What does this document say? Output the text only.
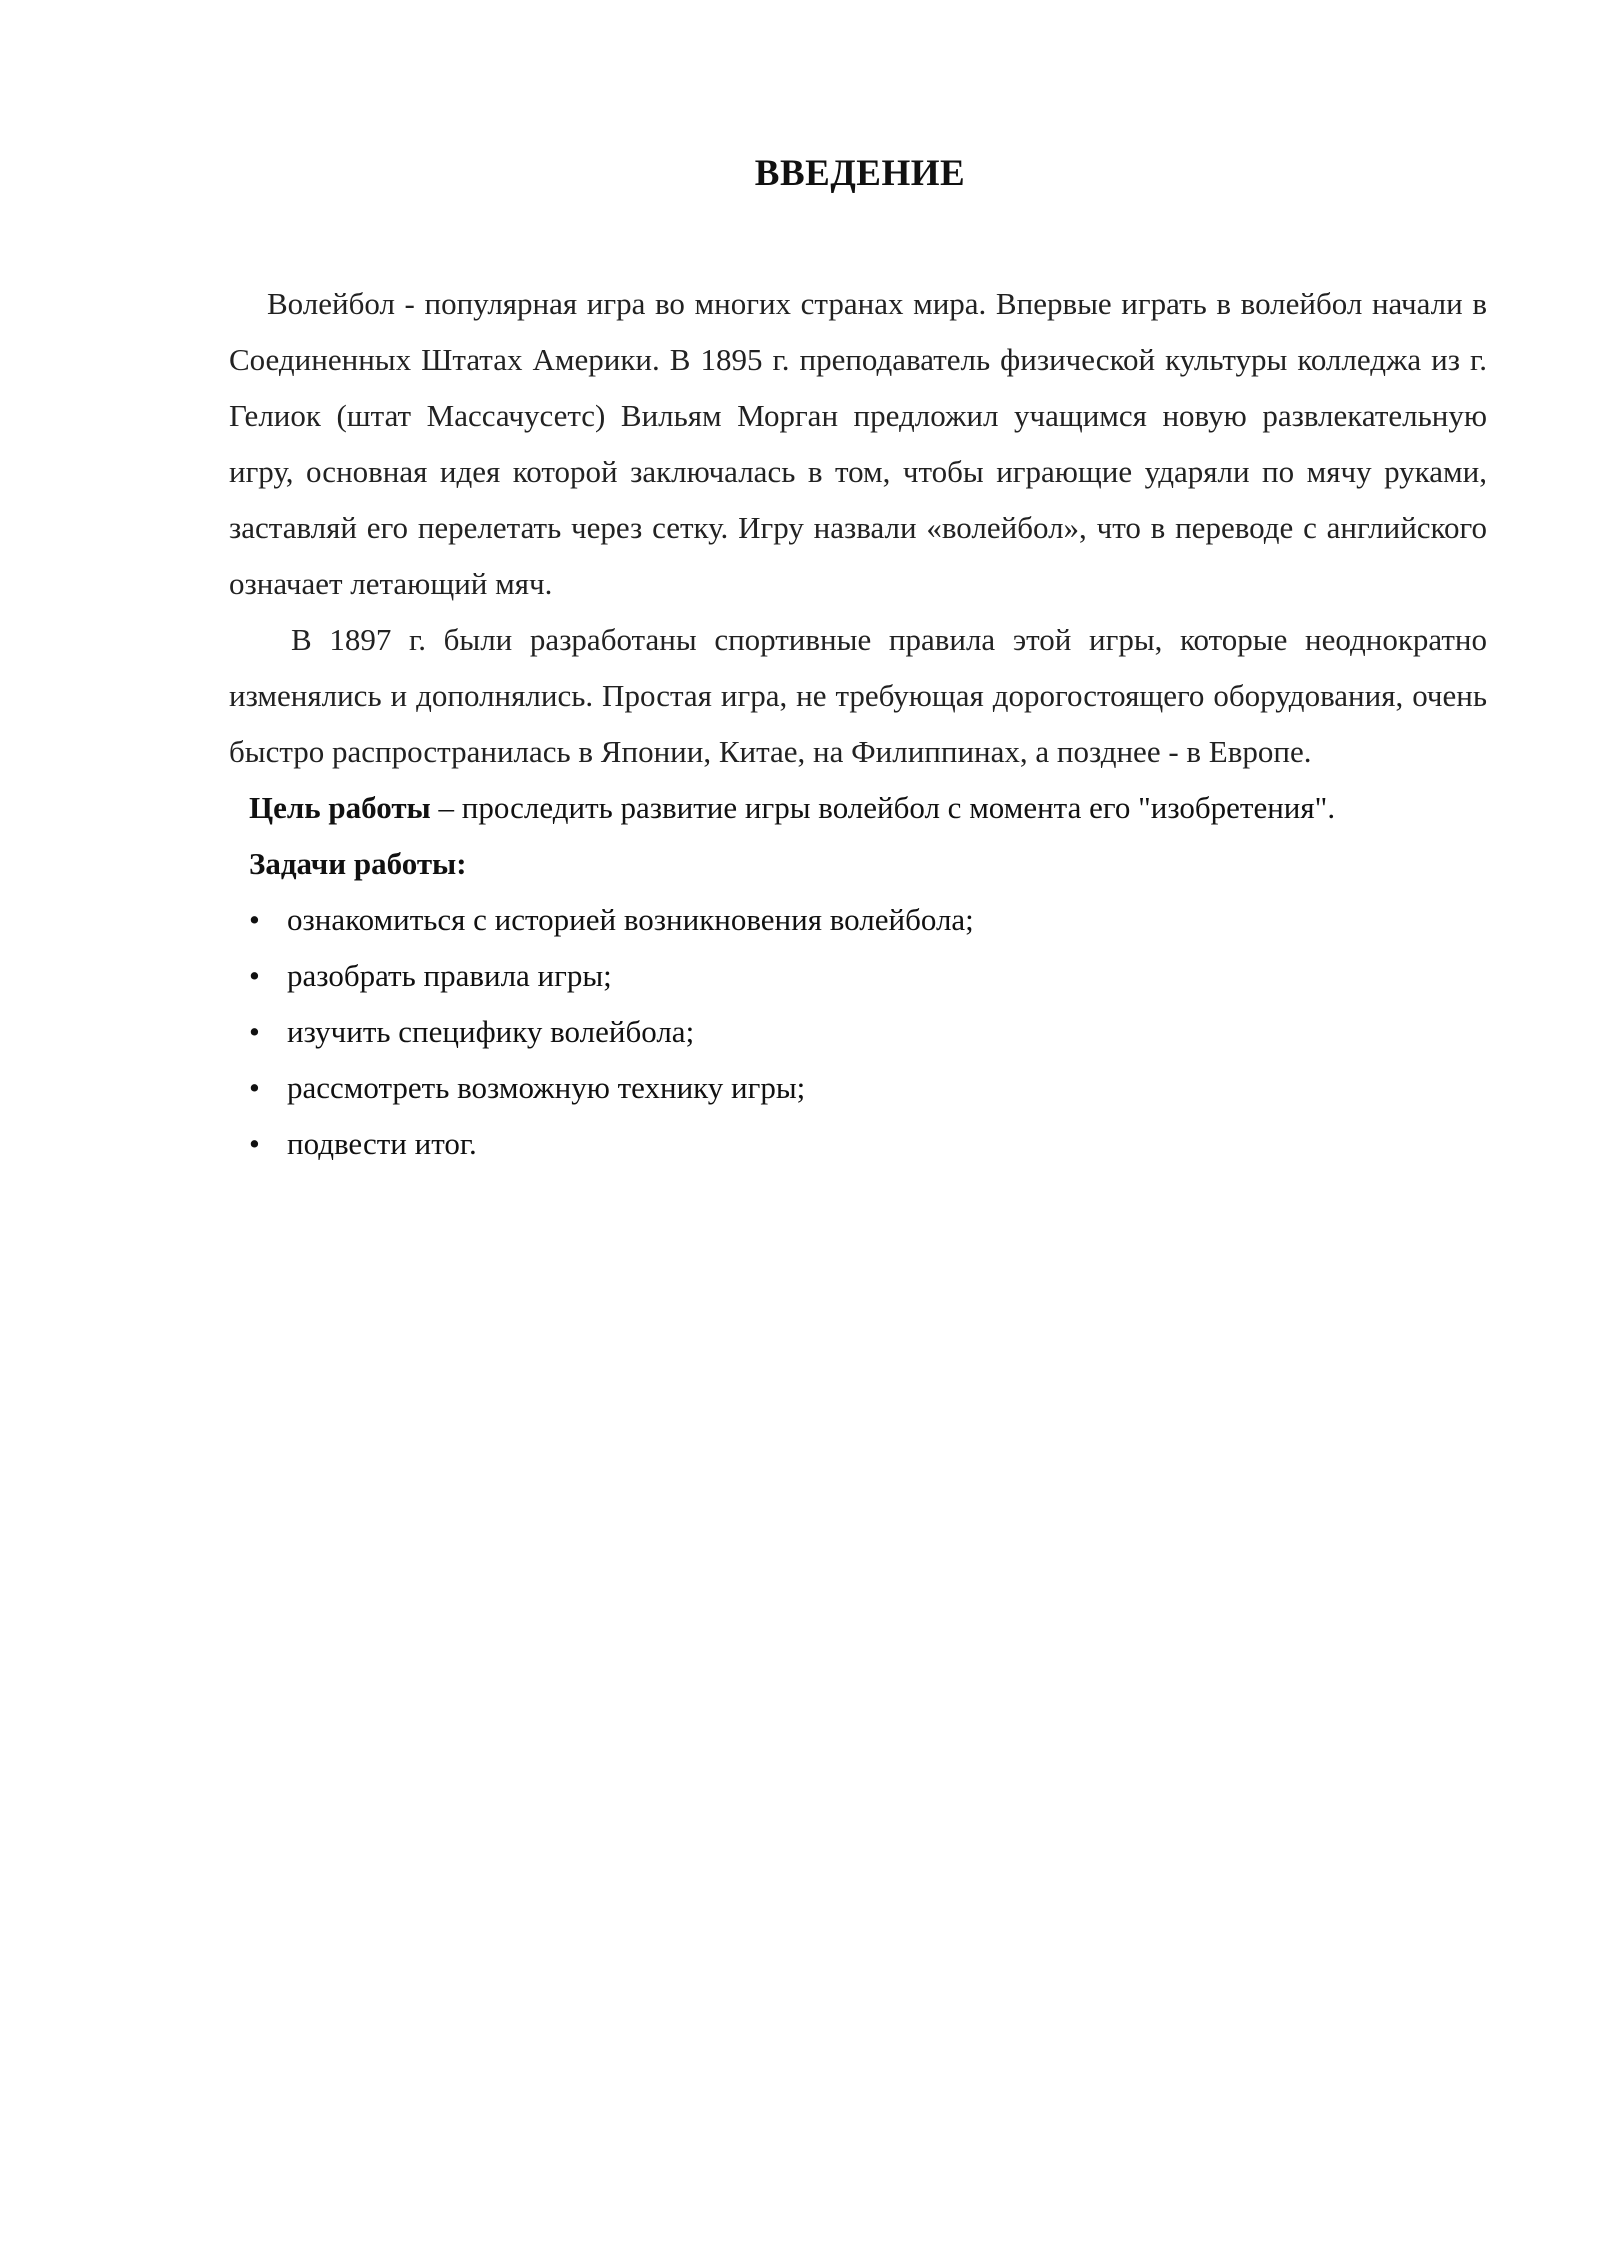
ВВЕДЕНИЕ

Волейбол - популярная игра во многих странах мира. Впервые играть в волейбол начали в Соединенных Штатах Америки. В 1895 г. преподаватель физической культуры колледжа из г. Гелиок (штат Массачусетс) Вильям Морган предложил учащимся новую развлекательную игру, основная идея которой заключалась в том, чтобы играющие ударяли по мячу руками, заставляй его перелетать через сетку. Игру назвали «волейбол», что в переводе с английского означает летающий мяч.

В 1897 г. были разработаны спортивные правила этой игры, которые неоднократно изменялись и дополнялись. Простая игра, не требующая дорогостоящего оборудования, очень быстро распространилась в Японии, Китае, на Филиппинах, а позднее - в Европе.

Цель работы – проследить развитие игры волейбол с момента его "изобретения".

Задачи работы:

• ознакомиться с историей возникновения волейбола;
• разобрать правила игры;
• изучить специфику волейбола;
• рассмотреть возможную технику игры;
• подвести итог.
